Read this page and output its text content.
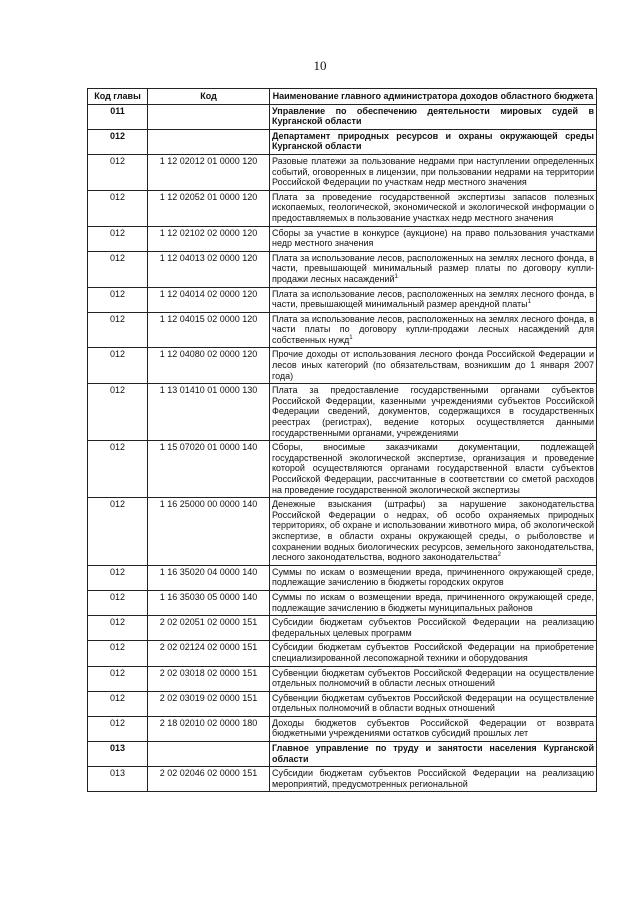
10
Код главы	Код	Наименование главного администратора доходов областного бюджета
011		Управление по обеспечению деятельности мировых судей в Курганской области
012		Департамент природных ресурсов и охраны окружающей среды Курганской области
012	1 12 02012 01 0000 120	Разовые платежи за пользование недрами при наступлении определенных событий, оговоренных в лицензии, при пользовании недрами на территории Российской Федерации по участкам недр местного значения
012	1 12 02052 01 0000 120	Плата за проведение государственной экспертизы запасов полезных ископаемых, геологической, экономической и экологической информации о предоставляемых в пользование участках недр местного значения
012	1 12 02102 02 0000 120	Сборы за участие в конкурсе (аукционе) на право пользования участками недр местного значения
012	1 12 04013 02 0000 120	Плата за использование лесов, расположенных на землях лесного фонда, в части, превышающей минимальный размер платы по договору купли-продажи лесных насаждений$^1$
012	1 12 04014 02 0000 120	Плата за использование лесов, расположенных на землях лесного фонда, в части, превышающей минимальный размер арендной платы$^1$
012	1 12 04015 02 0000 120	Плата за использование лесов, расположенных на землях лесного фонда, в части платы по договору купли-продажи лесных насаждений для собственных нужд$^1$
012	1 12 04080 02 0000 120	Прочие доходы от использования лесного фонда Российской Федерации и лесов иных категорий (по обязательствам, возникшим до 1 января 2007 года)
012	1 13 01410 01 0000 130	Плата за предоставление государственными органами субъектов Российской Федерации, казенными учреждениями субъектов Российской Федерации сведений, документов, содержащихся в государственных реестрах (регистрах), ведение которых осуществляется данными государственными органами, учреждениями
012	1 15 07020 01 0000 140	Сборы, вносимые заказчиками документации, подлежащей государственной экологической экспертизе, организация и проведение которой осуществляются органами государственной власти субъектов Российской Федерации, рассчитанные в соответствии со сметой расходов на проведение государственной экологической экспертизы
012	1 16 25000 00 0000 140	Денежные взыскания (штрафы) за нарушение законодательства Российской Федерации о недрах, об особо охраняемых природных территориях, об охране и использовании животного мира, об экологической экспертизе, в области охраны окружающей среды, о рыболовстве и сохранении водных биологических ресурсов, земельного законодательства, лесного законодательства, водного законодательства$^2$
012	1 16 35020 04 0000 140	Суммы по искам о возмещении вреда, причиненного окружающей среде, подлежащие зачислению в бюджеты городских округов
012	1 16 35030 05 0000 140	Суммы по искам о возмещении вреда, причиненного окружающей среде, подлежащие зачислению в бюджеты муниципальных районов
012	2 02 02051 02 0000 151	Субсидии бюджетам субъектов Российской Федерации на реализацию федеральных целевых программ
012	2 02 02124 02 0000 151	Субсидии бюджетам субъектов Российской Федерации на приобретение специализированной лесопожарной техники и оборудования
012	2 02 03018 02 0000 151	Субвенции бюджетам субъектов Российской Федерации на осуществление отдельных полномочий в области лесных отношений
012	2 02 03019 02 0000 151	Субвенции бюджетам субъектов Российской Федерации на осуществление отдельных полномочий в области водных отношений
012	2 18 02010 02 0000 180	Доходы бюджетов субъектов Российской Федерации от возврата бюджетными учреждениями остатков субсидий прошлых лет
013		Главное управление по труду и занятости населения Курганской области
013	2 02 02046 02 0000 151	Субсидии бюджетам субъектов Российской Федерации на реализацию мероприятий, предусмотренных региональной
